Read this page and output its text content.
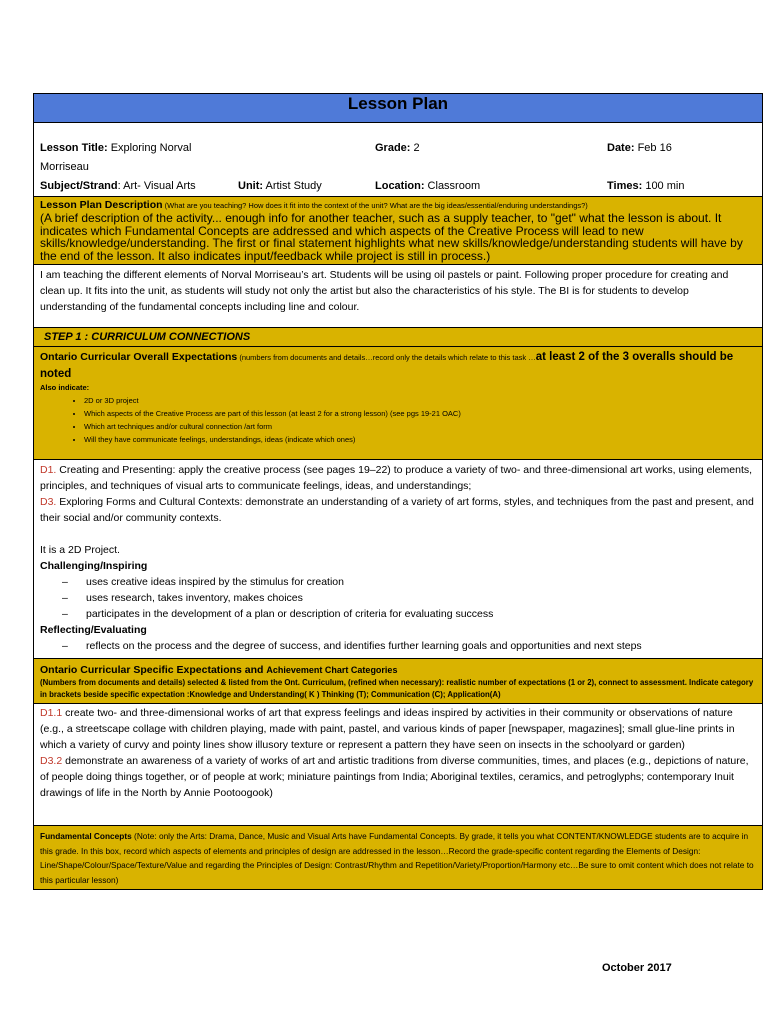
Lesson Plan

Lesson Title: Exploring Norval Morriseau
Grade: 2	Date: Feb 16
Subject/Strand: Art- Visual Arts	Unit: Artist Study	Location: Classroom	Times: 100 min

Lesson Plan Description (What are you teaching? How does it fit into the context of the unit? What are the big ideas/essential/enduring understandings?)
(A brief description of the activity... enough info for another teacher, such as a supply teacher, to "get" what the lesson is about. It indicates which Fundamental Concepts are addressed and which aspects of the Creative Process will lead to new skills/knowledge/understanding. The first or final statement highlights what new skills/knowledge/understanding students will have by the end of the lesson. It also indicates input/feedback while project is still in process.)

I am teaching the different elements of Norval Morriseau’s art. Students will be using oil pastels or paint. Following proper procedure for creating and clean up. It fits into the unit, as students will study not only the artist but also the characteristics of his style. The BI is for students to develop understanding of the fundamental concepts including line and colour.
STEP 1 : CURRICULUM CONNECTIONS

Ontario Curricular Overall Expectations (numbers from documents and details…record only the details which relate to this task …at least 2 of the 3 overalls should be noted
Also indicate:
• 2D or 3D project
• Which aspects of the Creative Process are part of this lesson (at least 2 for a strong lesson) (see pgs 19-21 OAC)
• Which art techniques and/or cultural connection /art form
• Will they have communicate feelings, understandings, ideas (indicate which ones)

D1. Creating and Presenting: apply the creative process (see pages 19–22) to produce a variety of two- and three-dimensional art works, using elements, principles, and techniques of visual arts to communicate feelings, ideas, and understandings;
D3. Exploring Forms and Cultural Contexts: demonstrate an understanding of a variety of art forms, styles, and techniques from the past and present, and their social and/or community contexts.
It is a 2D Project.
Challenging/Inspiring
– uses creative ideas inspired by the stimulus for creation
– uses research, takes inventory, makes choices
– participates in the development of a plan or description of criteria for evaluating success
Reflecting/Evaluating
– reflects on the process and the degree of success, and identifies further learning goals and opportunities and next steps

Ontario Curricular Specific Expectations and Achievement Chart Categories
(Numbers from documents and details) selected & listed from the Ont. Curriculum, (refined when necessary): realistic number of expectations (1 or 2), connect to assessment. Indicate category in brackets beside specific expectation :Knowledge and Understanding( K ) Thinking (T); Communication (C); Application(A)

D1.1 create two- and three-dimensional works of art that express feelings and ideas inspired by activities in their community or observations of nature (e.g., a streetscape collage with children playing, made with paint, pastel, and various kinds of paper [newspaper, magazines]; small glue-line prints in which a variety of curvy and pointy lines show illusory texture or represent a pattern they have seen on insects in the schoolyard or garden)
D3.2 demonstrate an awareness of a variety of works of art and artistic traditions from diverse communities, times, and places (e.g., depictions of nature, of people doing things together, or of people at work; miniature paintings from India; Aboriginal textiles, ceramics, and petroglyphs; contemporary Inuit drawings of life in the North by Annie Pootoogook)

Fundamental Concepts (Note: only the Arts: Drama, Dance, Music and Visual Arts have Fundamental Concepts. By grade, it tells you what CONTENT/KNOWLEDGE students are to acquire in this grade. In this box, record which aspects of elements and principles of design are addressed in the lesson…Record the grade-specific content regarding the Elements of Design: Line/Shape/Colour/Space/Texture/Value and regarding the Principles of Design: Contrast/Rhythm and Repetition/Variety/Proportion/Harmony etc…Be sure to omit content which does not relate to this particular lesson)
October 2017
